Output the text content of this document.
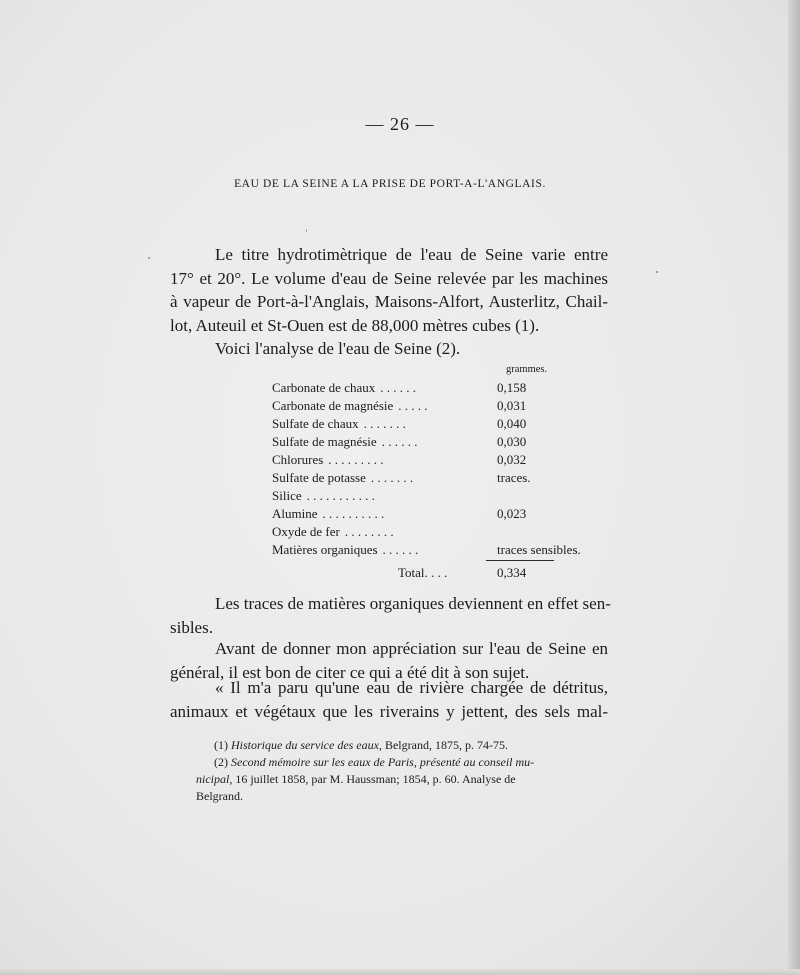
— 26 —
EAU DE LA SEINE A LA PRISE DE PORT-A-L'ANGLAIS.
Le titre hydrotimètrique de l'eau de Seine varie entre
17° et 20°. Le volume d'eau de Seine relevée par les machines
à vapeur de Port-à-l'Anglais, Maisons-Alfort, Austerlitz, Chail-
lot, Auteuil et St-Ouen est de 88,000 mètres cubes (1).
Voici l'analyse de l'eau de Seine (2).
grammes.
Carbonate de chaux . . . . . .	0,158
Carbonate de magnésie . . . . .	0,031
Sulfate de chaux . . . . . . .	0,040
Sulfate de magnésie . . . . . .	0,030
Chlorures . . . . . . . . .	0,032
Sulfate de potasse . . . . . . .	traces.
Silice . . . . . . . . . . .
Alumine . . . . . . . . . .	0,023
Oxyde de fer . . . . . . . .
Matières organiques . . . . . .	traces sensibles.
Total. . . .	0,334
Les traces de matières organiques deviennent en effet sen-
sibles.
Avant de donner mon appréciation sur l'eau de Seine en
général, il est bon de citer ce qui a été dit à son sujet.
« Il m'a paru qu'une eau de rivière chargée de détritus,
animaux et végétaux que les riverains y jettent, des sels mal-
(1) Historique du service des eaux, Belgrand, 1875, p. 74-75.
(2) Second mémoire sur les eaux de Paris, présenté au conseil mu-
nicipal, 16 juillet 1858, par M. Haussman; 1854, p. 60. Analyse de
Belgrand.
